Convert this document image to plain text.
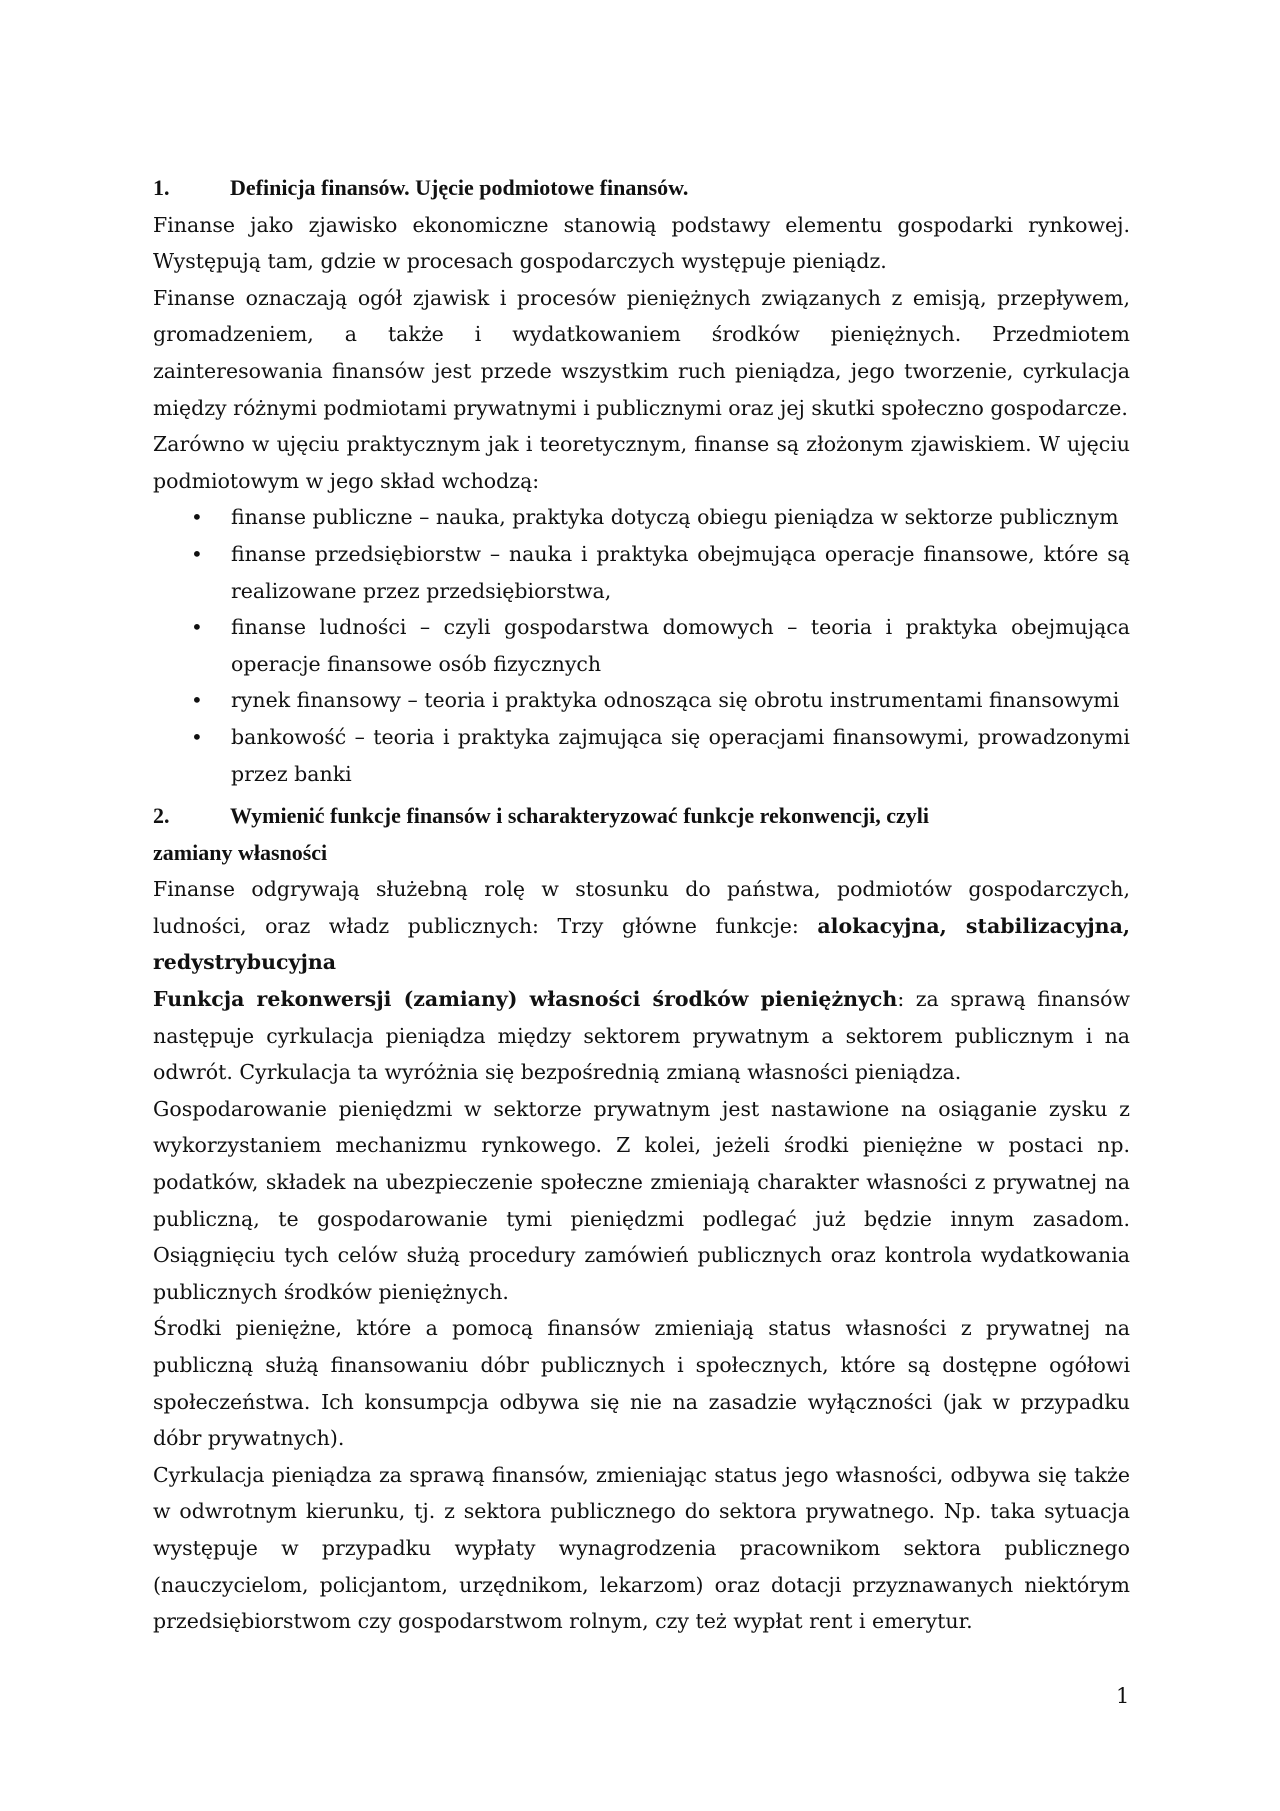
1.	Definicja finansów. Ujęcie podmiotowe finansów.

Finanse jako zjawisko ekonomiczne stanowią podstawy elementu gospodarki rynkowej. Występują tam, gdzie w procesach gospodarczych występuje pieniądz.

Finanse oznaczają ogół zjawisk i procesów pieniężnych związanych z emisją, przepływem, gromadzeniem, a także i wydatkowaniem środków pieniężnych. Przedmiotem zainteresowania finansów jest przede wszystkim ruch pieniądza, jego tworzenie, cyrkulacja między różnymi podmiotami prywatnymi i publicznymi oraz jej skutki społeczno gospodarcze.

Zarówno w ujęciu praktycznym jak i teoretycznym, finanse są złożonym zjawiskiem. W ujęciu podmiotowym w jego skład wchodzą:

• finanse publiczne – nauka, praktyka dotyczą obiegu pieniądza w sektorze publicznym
• finanse przedsiębiorstw – nauka i praktyka obejmująca operacje finansowe, które są realizowane przez przedsiębiorstwa,
• finanse ludności – czyli gospodarstwa domowych – teoria i praktyka obejmująca operacje finansowe osób fizycznych
• rynek finansowy – teoria i praktyka odnosząca się obrotu instrumentami finansowymi
• bankowość – teoria i praktyka zajmująca się operacjami finansowymi, prowadzonymi przez banki
2.	Wymienić funkcje finansów i scharakteryzować funkcje rekonwencji, czyli
zamiany własności

Finanse odgrywają służebną rolę w stosunku do państwa, podmiotów gospodarczych, ludności, oraz władz publicznych: Trzy główne funkcje: alokacyjna, stabilizacyjna, redystrybucyjna

Funkcja rekonwersji (zamiany) własności środków pieniężnych: za sprawą finansów następuje cyrkulacja pieniądza między sektorem prywatnym a sektorem publicznym i na odwrót. Cyrkulacja ta wyróżnia się bezpośrednią zmianą własności pieniądza.

Gospodarowanie pieniędzmi w sektorze prywatnym jest nastawione na osiąganie zysku z wykorzystaniem mechanizmu rynkowego. Z kolei, jeżeli środki pieniężne w postaci np. podatków, składek na ubezpieczenie społeczne zmieniają charakter własności z prywatnej na publiczną, te gospodarowanie tymi pieniędzmi podlegać już będzie innym zasadom. Osiągnięciu tych celów służą procedury zamówień publicznych oraz kontrola wydatkowania publicznych środków pieniężnych.

Środki pieniężne, które a pomocą finansów zmieniają status własności z prywatnej na publiczną służą finansowaniu dóbr publicznych i społecznych, które są dostępne ogółowi społeczeństwa. Ich konsumpcja odbywa się nie na zasadzie wyłączności (jak w przypadku dóbr prywatnych).

Cyrkulacja pieniądza za sprawą finansów, zmieniając status jego własności, odbywa się także w odwrotnym kierunku, tj. z sektora publicznego do sektora prywatnego. Np. taka sytuacja występuje w przypadku wypłaty wynagrodzenia pracownikom sektora publicznego (nauczycielom, policjantom, urzędnikom, lekarzom) oraz dotacji przyznawanych niektórym przedsiębiorstwom czy gospodarstwom rolnym, czy też wypłat rent i emerytur.

1
